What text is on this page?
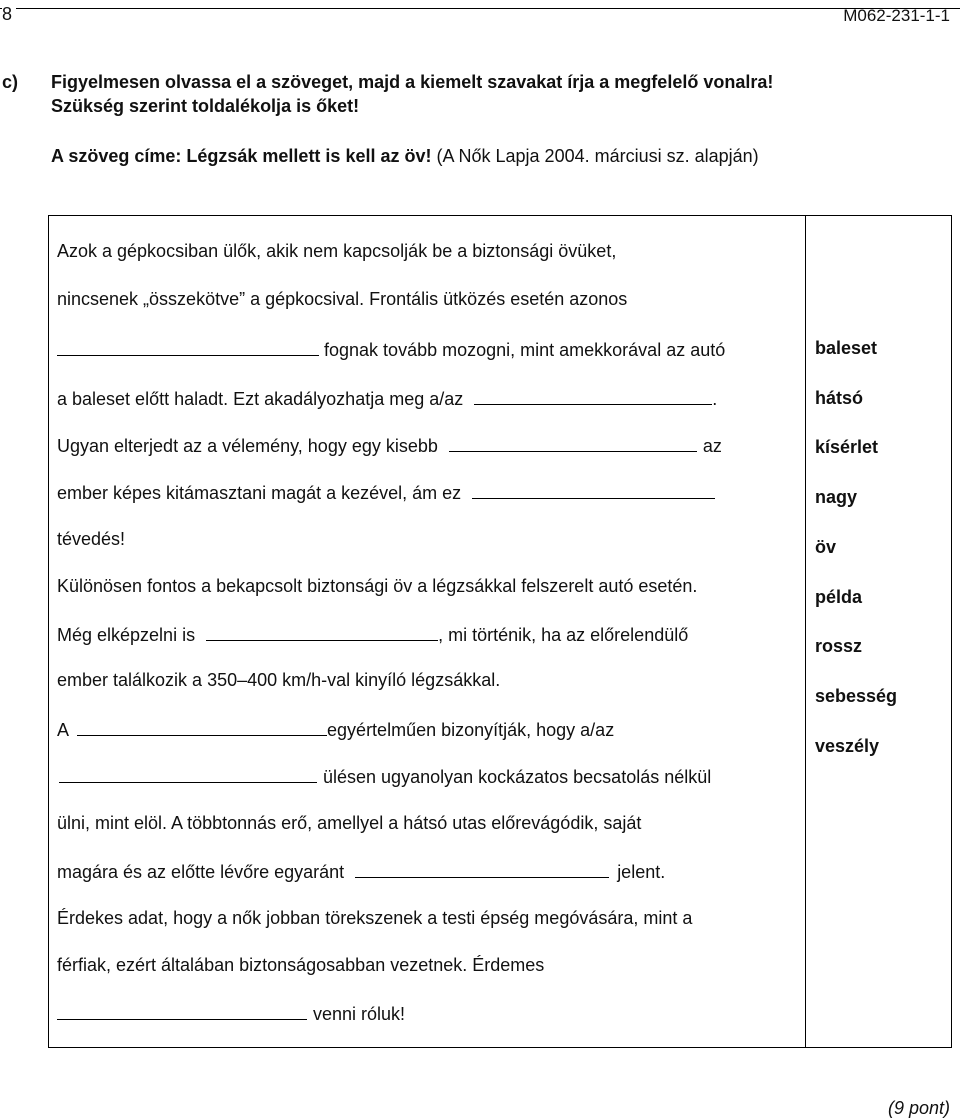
8	M062-231-1-1
c) Figyelmesen olvassa el a szöveget, majd a kiemelt szavakat írja a megfelelő vonalra!
Szükség szerint toldalékolja is őket!
A szöveg címe: Légzsák mellett is kell az öv! (A Nők Lapja 2004. márciusi sz. alapján)
Azok a gépkocsiban ülők, akik nem kapcsolják be a biztonsági övüket,
nincsenek „összekötve” a gépkocsival. Frontális ütközés esetén azonos
fognak tovább mozogni, mint amekkorával az autó
a baleset előtt haladt. Ezt akadályozhatja meg a/az	.
Ugyan elterjedt az a vélemény, hogy egy kisebb	az
ember képes kitámasztani magát a kezével, ám ez
tévedés!
Különösen fontos a bekapcsolt biztonsági öv a légzsákkal felszerelt autó esetén.
Még elképzelni is	, mi történik, ha az előrelendülő
ember találkozik a 350–400 km/h-val kinyíló légzsákkal.
A	egyértelműen bizonyítják, hogy a/az
ülésen ugyanolyan kockázatos becsatolás nélkül
ülni, mint elöl. A többtonnás erő, amellyel a hátsó utas előrevágódik, saját
magára és az előtte lévőre egyaránt	jelent.
Érdekes adat, hogy a nők jobban törekszenek a testi épség megóvására, mint a
férfiak, ezért általában biztonságosabban vezetnek. Érdemes
venni róluk!
baleset
hátsó
kísérlet
nagy
öv
példa
rossz
sebesség
veszély
(9 pont)
